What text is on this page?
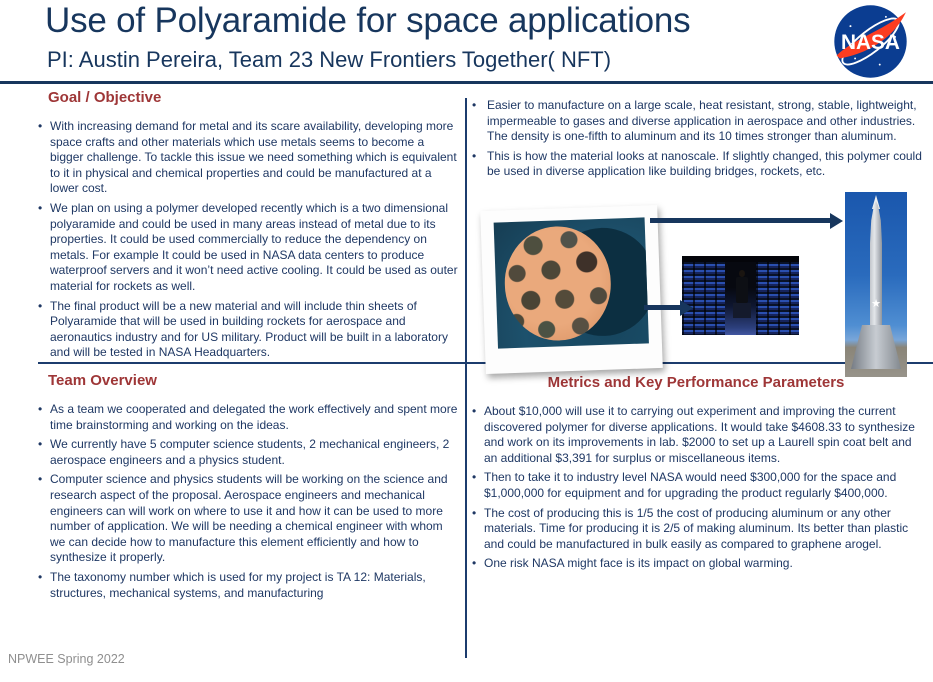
Use of Polyaramide for space applications
PI: Austin Pereira, Team 23 New Frontiers Together( NFT)
NASA
Goal / Objective
• With increasing demand for metal and its scare availability, developing more space crafts and other materials which use metals seems to become a bigger challenge. To tackle this issue we need something which is equivalent to it in physical and chemical properties and could be manufactured at a lower cost.
• We plan on using a polymer developed recently which is a two dimensional polyaramide and could be used in many areas instead of metal due to its properties. It could be used commercially to reduce the dependency on metals. For example It could be used in NASA data centers to produce waterproof servers and it won’t need active cooling. It could be used as outer material for rockets as well.
• The final product will be a new material and will include thin sheets of Polyaramide that will be used in building rockets for aerospace and aeronautics industry and for US military. Product will be built in a laboratory and will be tested in NASA Headquarters.
• Easier to manufacture on a large scale, heat resistant, strong, stable, lightweight, impermeable to gases and diverse application in aerospace and other industries. The density is one-fifth to aluminum and its 10 times stronger than aluminum.
• This is how the material looks at nanoscale. If slightly changed, this polymer could be used in diverse application like building bridges, rockets, etc.
★
Team Overview
• As a team we cooperated and delegated the work effectively and spent more time brainstorming and working on the ideas.
• We currently have 5 computer science students, 2 mechanical engineers, 2 aerospace engineers and a physics student.
• Computer science and physics students will be working on the science and research aspect of the proposal. Aerospace engineers and mechanical engineers can will work on where to use it and how it can be used to more number of application. We will be needing a chemical engineer with whom we can decide how to manufacture this element efficiently and how to synthesize it properly.
• The taxonomy number which is used for my project is TA 12: Materials, structures, mechanical systems, and manufacturing
Metrics and Key Performance Parameters
• About $10,000 will use it to carrying out experiment and improving the current discovered polymer for diverse applications. It would take $4608.33 to synthesize and work on its improvements in lab. $2000 to set up a Laurell spin coat belt and an additional $3,391 for surplus or miscellaneous items.
• Then to take it to industry level NASA would need $300,000 for the space and $1,000,000 for equipment and for upgrading the product regularly $400,000.
• The cost of producing this is 1/5 the cost of producing aluminum or any other materials. Time for producing it is 2/5 of making aluminum. Its better than plastic and could be manufactured in bulk easily as compared to graphene arogel.
• One risk NASA might face is its impact on global warming.
NPWEE Spring 2022
